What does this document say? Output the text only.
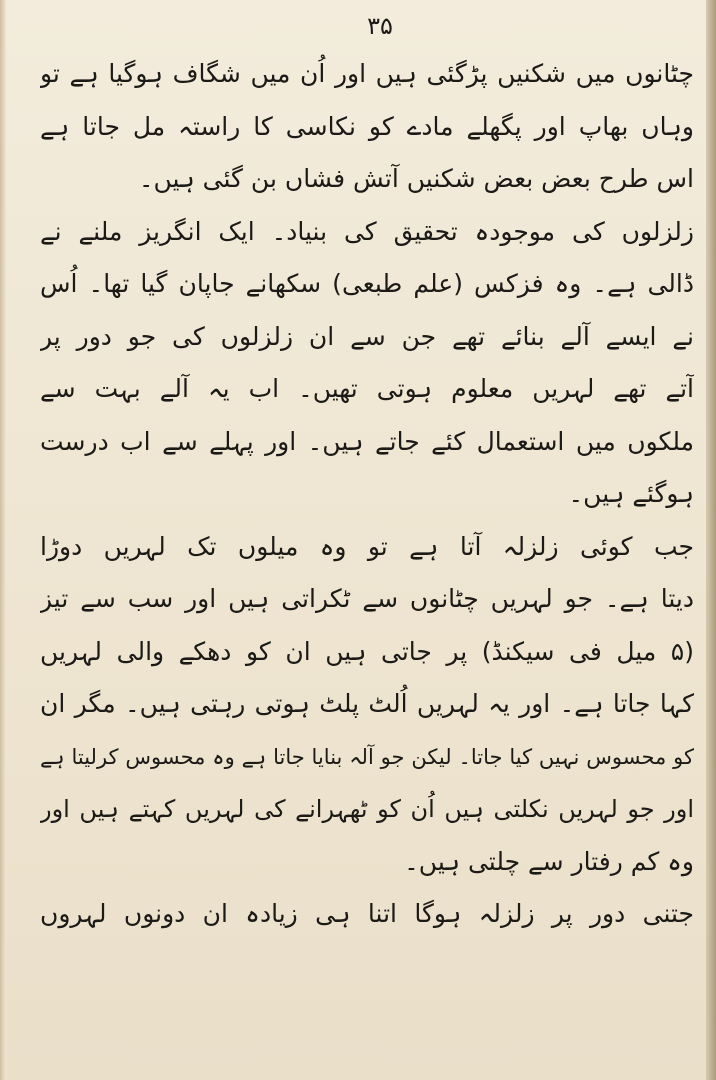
۳۵
چٹانوں میں شکنیں پڑگئی ہیں اور اُن میں شگاف ہوگیا ہے تو
وہاں بھاپ اور پگھلے مادے کو نکاسی کا راستہ مل جاتا ہے
اس طرح بعض بعض شکنیں آتش فشاں بن گئی ہیں۔
زلزلوں کی موجودہ تحقیق کی بنیاد۔ ایک انگریز ملنے نے
ڈالی ہے۔ وہ فزکس (علم طبعی) سکھانے جاپان گیا تھا۔ اُس
نے ایسے آلے بنائے تھے جن سے ان زلزلوں کی جو دور پر
آتے تھے لہریں معلوم ہوتی تھیں۔ اب یہ آلے بہت سے
ملکوں میں استعمال کئے جاتے ہیں۔ اور پہلے سے اب درست
ہوگئے ہیں۔
جب کوئی زلزلہ آتا ہے تو وہ میلوں تک لہریں دوڑا
دیتا ہے۔ جو لہریں چٹانوں سے ٹکراتی ہیں اور سب سے تیز
(۵ میل فی سیکنڈ) پر جاتی ہیں ان کو دھکے والی لہریں
کہا جاتا ہے۔ اور یہ لہریں اُلٹ پلٹ ہوتی رہتی ہیں۔ مگر ان
کو محسوس نہیں کیا جاتا۔ لیکن جو آلہ بنایا جاتا ہے وہ محسوس کرلیتا ہے
اور جو لہریں نکلتی ہیں اُن کو ٹھہرانے کی لہریں کہتے ہیں اور
وہ کم رفتار سے چلتی ہیں۔
جتنی دور پر زلزلہ ہوگا اتنا ہی زیادہ ان دونوں لہروں
